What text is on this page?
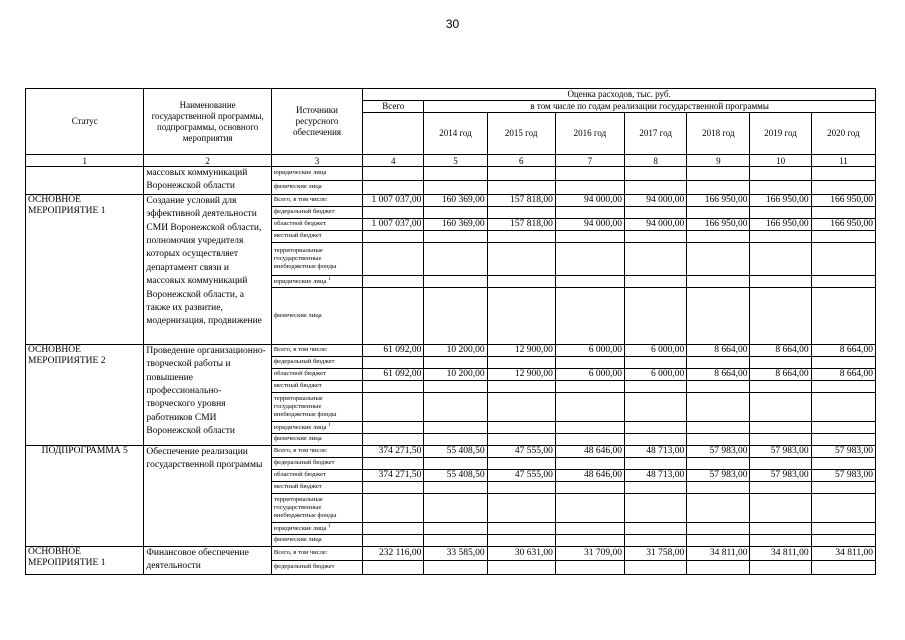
30
Статус	Наименование государственной программы, подпрограммы, основного мероприятия	Источники ресурсного обеспечения	Оценка расходов, тыс. руб.							
			Всего	в том числе по годам реализации государственной программы						
				2014 год	2015 год	2016 год	2017 год	2018 год	2019 год	2020 год
1	2	3	4	5	6	7	8	9	10	11
	массовых коммуникаций Воронежской области	юридические лица								
		физические лица								
ОСНОВНОЕ МЕРОПРИЯТИЕ 1	Создание условий для эффективной деятельности СМИ Воронежской области, полномочия учредителя которых осуществляет департамент связи и массовых коммуникаций Воронежской области, а также их развитие, модернизация, продвижение	Всего, в том числе:	1 007 037,00	160 369,00	157 818,00	94 000,00	94 000,00	166 950,00	166 950,00	166 950,00
		федеральный бюджет								
		областной бюджет	1 007 037,00	160 369,00	157 818,00	94 000,00	94 000,00	166 950,00	166 950,00	166 950,00
		местный бюджет								
		территориальные государственные внебюджетные фонды								
		юридические лица $^1$								
		физические лица								
ОСНОВНОЕ МЕРОПРИЯТИЕ 2	Проведение организационно-творческой работы и повышение профессионально-творческого уровня работников СМИ Воронежской области	Всего, в том числе:	61 092,00	10 200,00	12 900,00	6 000,00	6 000,00	8 664,00	8 664,00	8 664,00
		федеральный бюджет								
		областной бюджет	61 092,00	10 200,00	12 900,00	6 000,00	6 000,00	8 664,00	8 664,00	8 664,00
		местный бюджет								
		территориальные государственные внебюджетные фонды								
		юридические лица $^1$								
		физические лица								
ПОДПРОГРАММА 5	Обеспечение реализации государственной программы	Всего, в том числе:	374 271,50	55 408,50	47 555,00	48 646,00	48 713,00	57 983,00	57 983,00	57 983,00
		федеральный бюджет								
		областной бюджет	374 271,50	55 408,50	47 555,00	48 646,00	48 713,00	57 983,00	57 983,00	57 983,00
		местный бюджет								
		территориальные государственные внебюджетные фонды								
		юридические лица $^1$								
		физические лица								
ОСНОВНОЕ МЕРОПРИЯТИЕ 1	Финансовое обеспечение деятельности	Всего, в том числе:	232 116,00	33 585,00	30 631,00	31 709,00	31 758,00	34 811,00	34 811,00	34 811,00
		федеральный бюджет								
